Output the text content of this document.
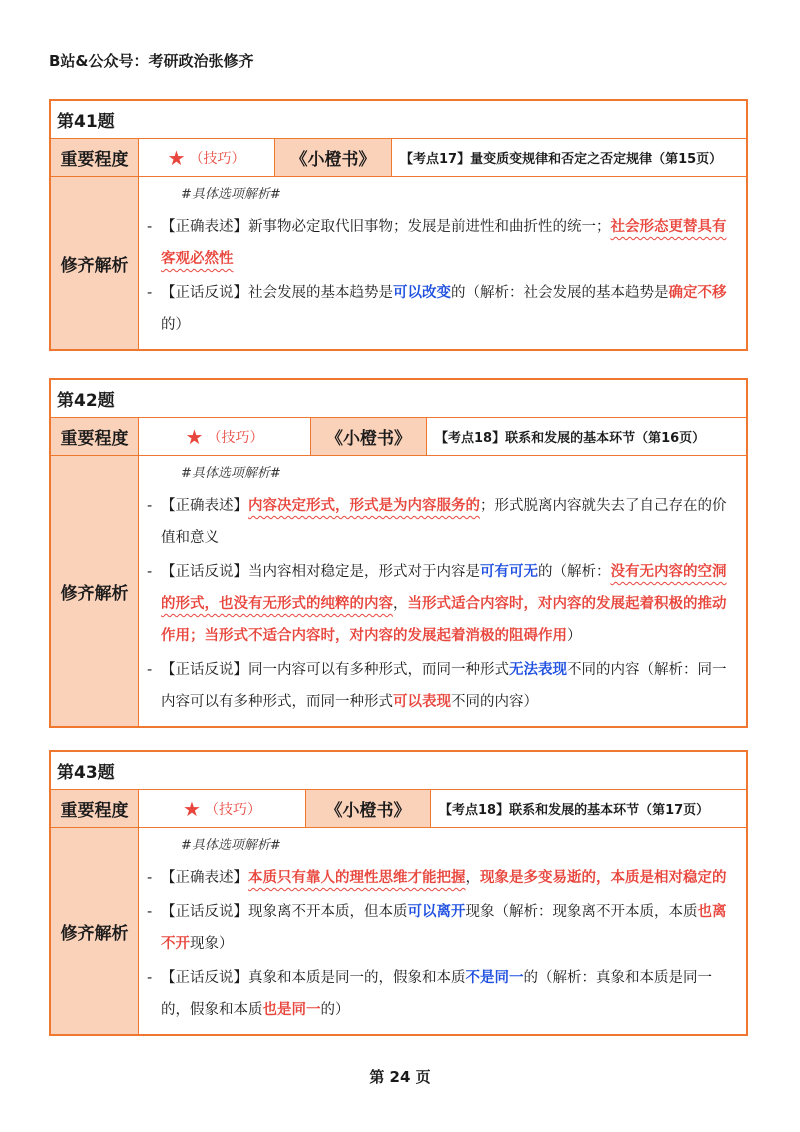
B站&公众号：考研政治张修齐
第41题
重要程度	★ （技巧）	《小橙书》	【考点17】量变质变规律和否定之否定规律（第15页）
修齐解析
#具体选项解析#
- 【正确表述】新事物必定取代旧事物；发展是前进性和曲折性的统一；社会形态更替具有客观必然性
- 【正话反说】社会发展的基本趋势是可以改变的（解析：社会发展的基本趋势是确定不移的）
第42题
重要程度	★ （技巧）	《小橙书》	【考点18】联系和发展的基本环节（第16页）
修齐解析
#具体选项解析#
- 【正确表述】内容决定形式，形式是为内容服务的；形式脱离内容就失去了自己存在的价值和意义
- 【正话反说】当内容相对稳定是，形式对于内容是可有可无的（解析：没有无内容的空洞的形式，也没有无形式的纯粹的内容，当形式适合内容时，对内容的发展起着积极的推动作用；当形式不适合内容时，对内容的发展起着消极的阻碍作用）
- 【正话反说】同一内容可以有多种形式，而同一种形式无法表现不同的内容（解析：同一内容可以有多种形式，而同一种形式可以表现不同的内容）
第43题
重要程度	★ （技巧）	《小橙书》	【考点18】联系和发展的基本环节（第17页）
修齐解析
#具体选项解析#
- 【正确表述】本质只有靠人的理性思维才能把握，现象是多变易逝的，本质是相对稳定的
- 【正话反说】现象离不开本质，但本质可以离开现象（解析：现象离不开本质，本质也离不开现象）
- 【正话反说】真象和本质是同一的，假象和本质不是同一的（解析：真象和本质是同一的，假象和本质也是同一的）
第 24 页
